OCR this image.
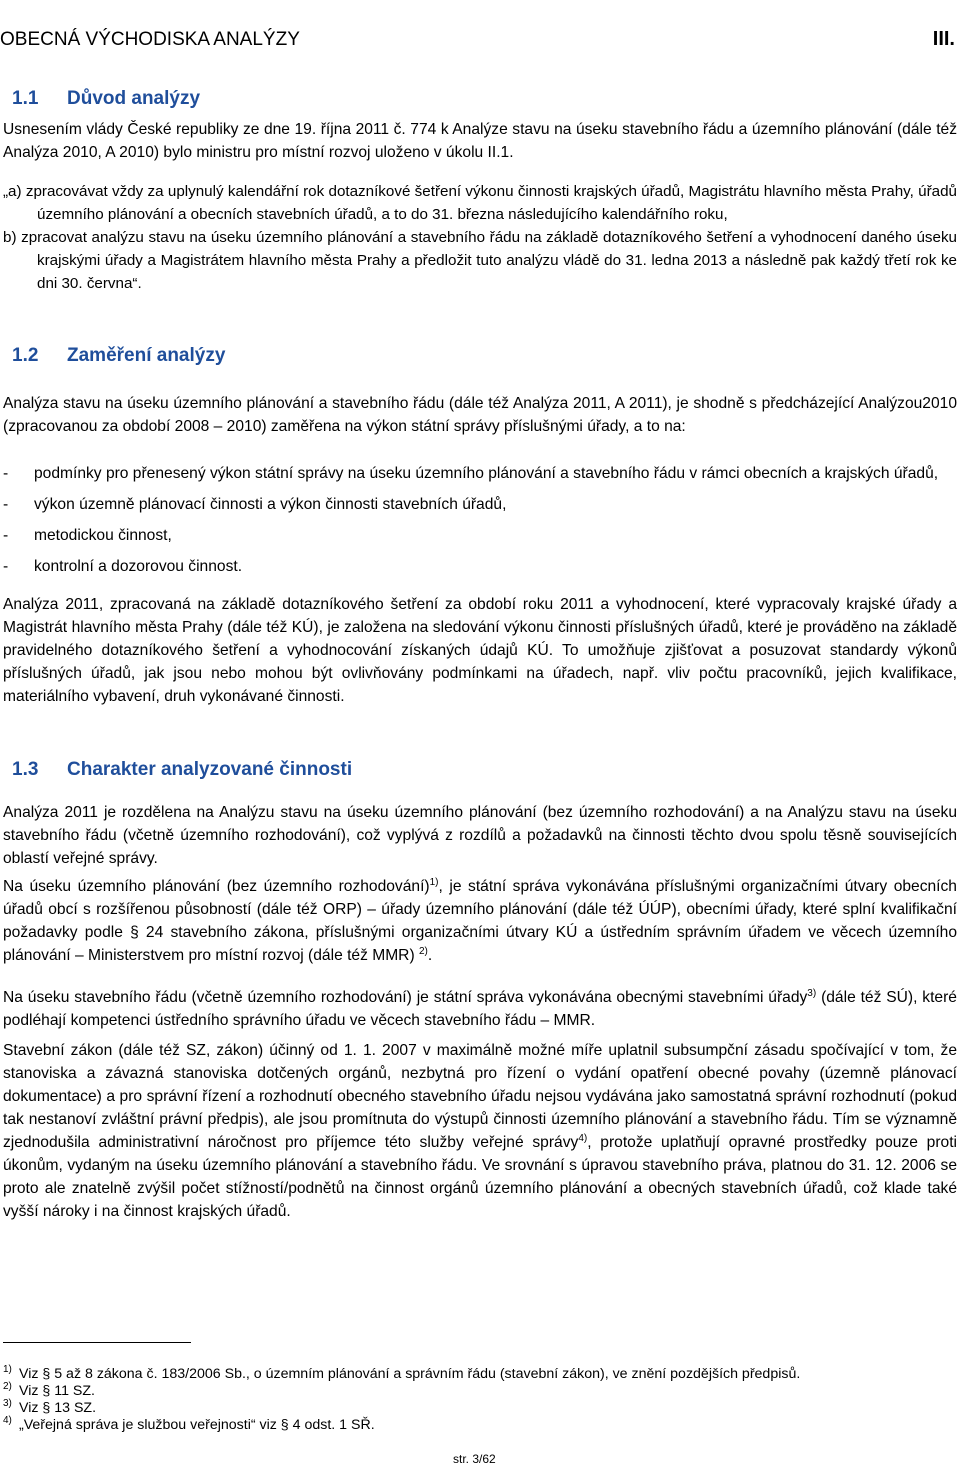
OBECNÁ VÝCHODISKA ANALÝZY	III.
1.1 Důvod analýzy

Usnesením vlády České republiky ze dne 19. října 2011 č. 774 k Analýze stavu na úseku stavebního řádu a územního plánování (dále též Analýza 2010, A 2010) bylo ministru pro místní rozvoj uloženo v úkolu II.1.

„a) zpracovávat vždy za uplynulý kalendářní rok dotazníkové šetření výkonu činnosti krajských úřadů, Magistrátu hlavního města Prahy, úřadů územního plánování a obecních stavebních úřadů, a to do 31. března následujícího kalendářního roku,

b) zpracovat analýzu stavu na úseku územního plánování a stavebního řádu na základě dotazníkového šetření a vyhodnocení daného úseku krajskými úřady a Magistrátem hlavního města Prahy a předložit tuto analýzu vládě do 31. ledna 2013 a následně pak každý třetí rok ke dni 30. června“.

1.2 Zaměření analýzy

Analýza stavu na úseku územního plánování a stavebního řádu (dále též Analýza 2011, A 2011), je shodně s předcházející Analýzou2010 (zpracovanou za období 2008 – 2010) zaměřena na výkon státní správy příslušnými úřady, a to na:

-	podmínky pro přenesený výkon státní správy na úseku územního plánování a stavebního řádu v rámci obecních a krajských úřadů,
-	výkon územně plánovací činnosti a výkon činnosti stavebních úřadů,
-	metodickou činnost,
-	kontrolní a dozorovou činnost.

Analýza 2011, zpracovaná na základě dotazníkového šetření za období roku 2011 a vyhodnocení, které vypracovaly krajské úřady a Magistrát hlavního města Prahy (dále též KÚ), je založena na sledování výkonu činnosti příslušných úřadů, které je prováděno na základě pravidelného dotazníkového šetření a vyhodnocování získaných údajů KÚ. To umožňuje zjišťovat a posuzovat standardy výkonů příslušných úřadů, jak jsou nebo mohou být ovlivňovány podmínkami na úřadech, např. vliv počtu pracovníků, jejich kvalifikace, materiálního vybavení, druh vykonávané činnosti.

1.3 Charakter analyzované činnosti

Analýza 2011 je rozdělena na Analýzu stavu na úseku územního plánování (bez územního rozhodování) a na Analýzu stavu na úseku stavebního řádu (včetně územního rozhodování), což vyplývá z rozdílů a požadavků na činnosti těchto dvou spolu těsně souvisejících oblastí veřejné správy.

Na úseku územního plánování (bez územního rozhodování)$^{1)}$, je státní správa vykonávána příslušnými organizačními útvary obecních úřadů obcí s rozšířenou působností (dále též ORP) – úřady územního plánování (dále též ÚÚP), obecními úřady, které splní kvalifikační požadavky podle § 24 stavebního zákona, příslušnými organizačními útvary KÚ a ústředním správním úřadem ve věcech územního plánování – Ministerstvem pro místní rozvoj (dále též MMR) $^{2)}$.

Na úseku stavebního řádu (včetně územního rozhodování) je státní správa vykonávána obecnými stavebními úřady$^{3)}$ (dále též SÚ), které podléhají kompetenci ústředního správního úřadu ve věcech stavebního řádu – MMR.

Stavební zákon (dále též SZ, zákon) účinný od 1. 1. 2007 v maximálně možné míře uplatnil subsumpční zásadu spočívající v tom, že stanoviska a závazná stanoviska dotčených orgánů, nezbytná pro řízení o vydání opatření obecné povahy (územně plánovací dokumentace) a pro správní řízení a rozhodnutí obecného stavebního úřadu nejsou vydávána jako samostatná správní rozhodnutí (pokud tak nestanoví zvláštní právní předpis), ale jsou promítnuta do výstupů činnosti územního plánování a stavebního řádu. Tím se významně zjednodušila administrativní náročnost pro příjemce této služby veřejné správy$^{4)}$, protože uplatňují opravné prostředky pouze proti úkonům, vydaným na úseku územního plánování a stavebního řádu. Ve srovnání s úpravou stavebního práva, platnou do 31. 12. 2006 se proto ale znatelně zvýšil počet stížností/podnětů na činnost orgánů územního plánování a obecných stavebních úřadů, což klade také vyšší nároky i na činnost krajských úřadů.

1) Viz § 5 až 8 zákona č. 183/2006 Sb., o územním plánování a správním řádu (stavební zákon), ve znění pozdějších předpisů.
2) Viz § 11 SZ.
3) Viz § 13 SZ.
4) „Veřejná správa je službou veřejnosti“ viz § 4 odst. 1 SŘ.
str. 3/62
